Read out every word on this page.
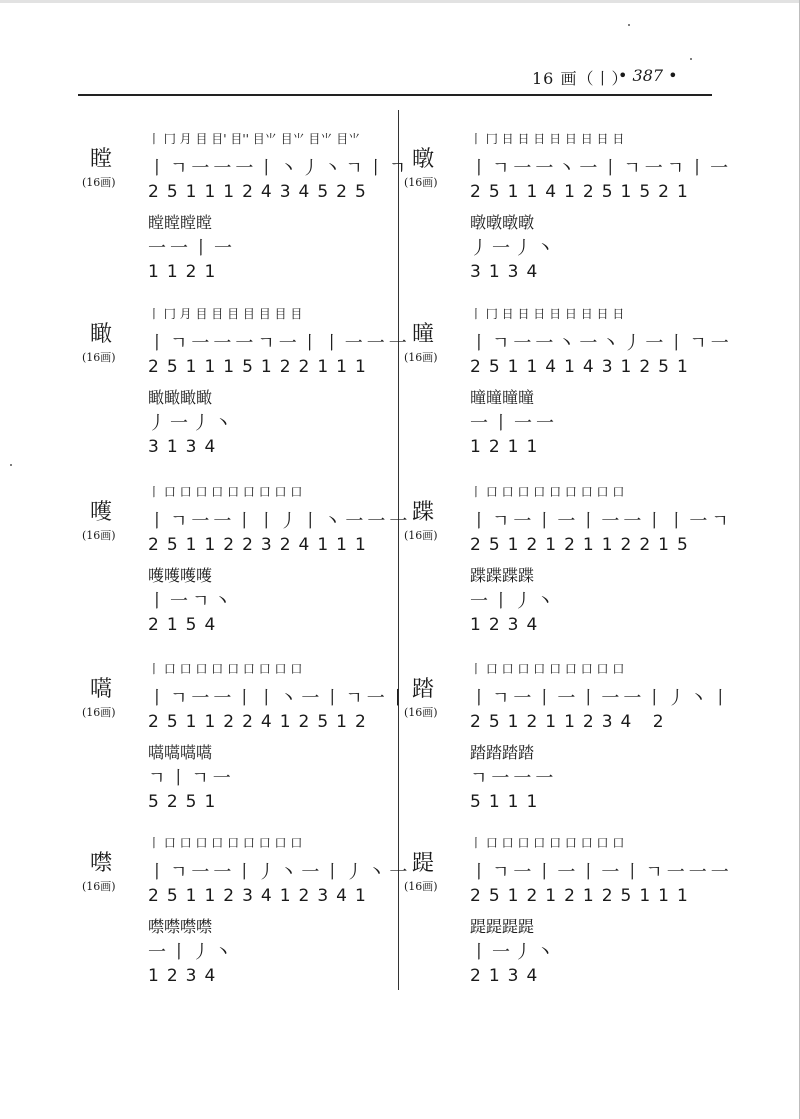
16 画（丨）
• 387 •
瞠
(16画)
丨 冂 月 目 目' 目'' 目⺌ 目⺌ 目⺌ 目⺌
丨ㄱ一一一丨丶丿丶ㄱ丨ㄱ
251112434525
瞠瞠瞠瞠
一一丨一
1121
瞰
(16画)
丨 冂 月 目 目 目 目 目 目 目
丨ㄱ一一一ㄱ一丨丨一一一
251115122111
瞰瞰瞰瞰
丿一丿丶
3134
嚄
(16画)
丨 口 口 口 口 口 口 口 口 口
丨ㄱ一一丨丨丿丨丶一一一
251122324111
嚄嚄嚄嚄
丨一ㄱ丶
2154
嚆
(16画)
丨 口 口 口 口 口 口 口 口 口
丨ㄱ一一丨丨丶一丨ㄱ一丨
251122412512
嚆嚆嚆嚆
ㄱ丨ㄱ一
5251
噤
(16画)
丨 口 口 口 口 口 口 口 口 口
丨ㄱ一一丨丿丶一丨丿丶一
251123412341
噤噤噤噤
一丨丿丶
1234
暾
(16画)
丨 冂 日 日 日 日 日 日 日 日
丨ㄱ一一丶一丨ㄱ一ㄱ丨一
251141251521
暾暾暾暾
丿一丿丶
3134
曈
(16画)
丨 冂 日 日 日 日 日 日 日 日
丨ㄱ一一丶一丶丿一丨ㄱ一
251141431251
曈曈曈曈
一丨一一
1211
蹀
(16画)
丨 口 口 口 口 口 口 口 口 口
丨ㄱ一丨一丨一一丨丨一ㄱ
251212112215
蹀蹀蹀蹀
一丨丿丶
1234
踏
(16画)
丨 口 口 口 口 口 口 口 口 口
丨ㄱ一丨一丨一一丨丿丶丨
251211234 2
踏踏踏踏
ㄱ一一一
5111
踶
(16画)
丨 口 口 口 口 口 口 口 口 口
丨ㄱ一丨一丨一丨ㄱ一一一
251212125111
踶踶踶踶
丨一丿丶
2134
